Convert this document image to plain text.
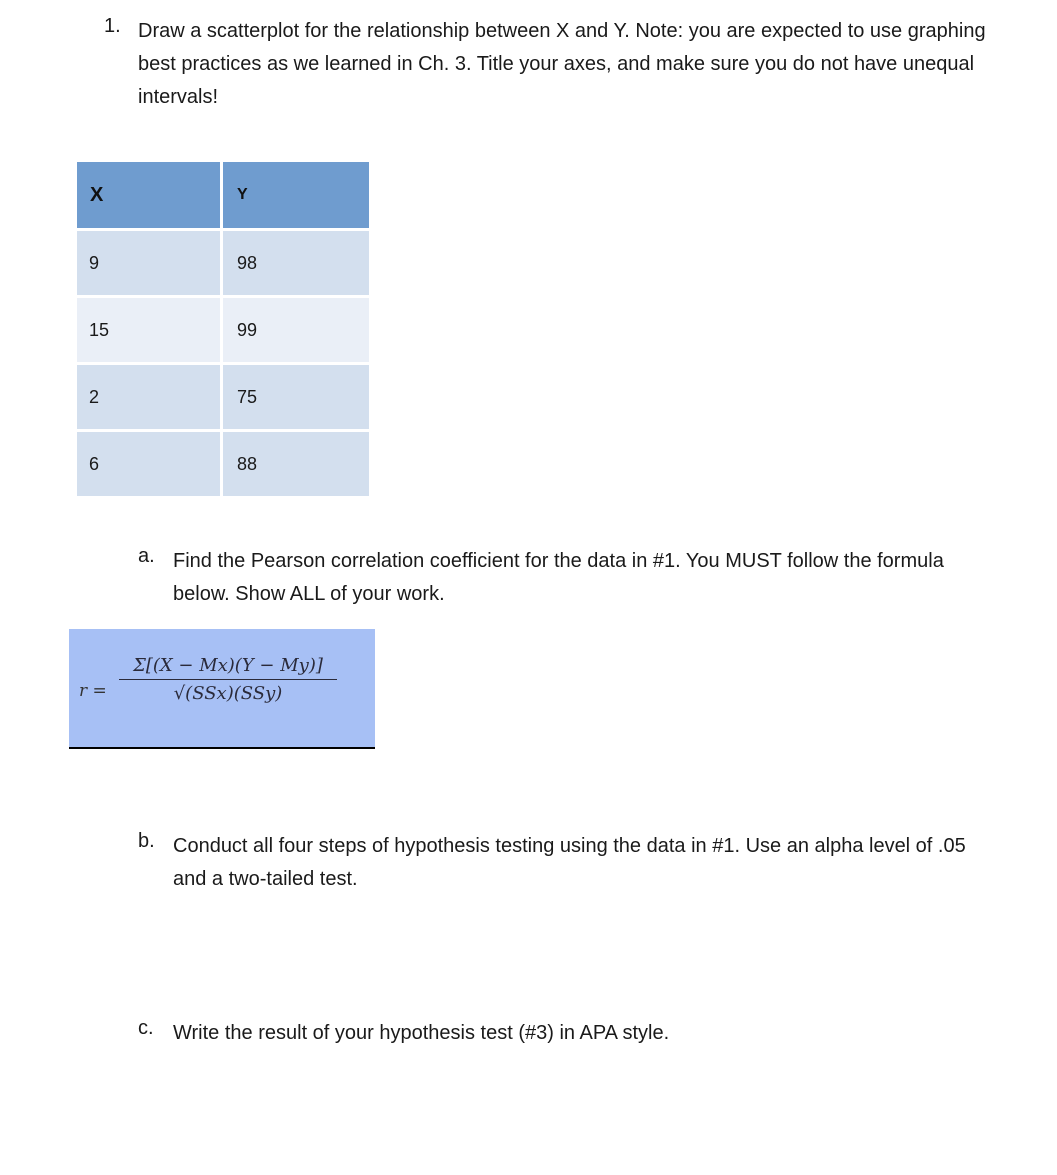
1. Draw a scatterplot for the relationship between X and Y. Note: you are expected to use graphing best practices as we learned in Ch. 3. Title your axes, and make sure you do not have unequal intervals!
X	Y
9	98
15	99
2	75
6	88
a. Find the Pearson correlation coefficient for the data in #1. You MUST follow the formula below. Show ALL of your work.
r =
Σ[(X − Mx)(Y − My)]
√(SSx)(SSy)
b. Conduct all four steps of hypothesis testing using the data in #1. Use an alpha level of .05 and a two-tailed test.
c. Write the result of your hypothesis test (#3) in APA style.
